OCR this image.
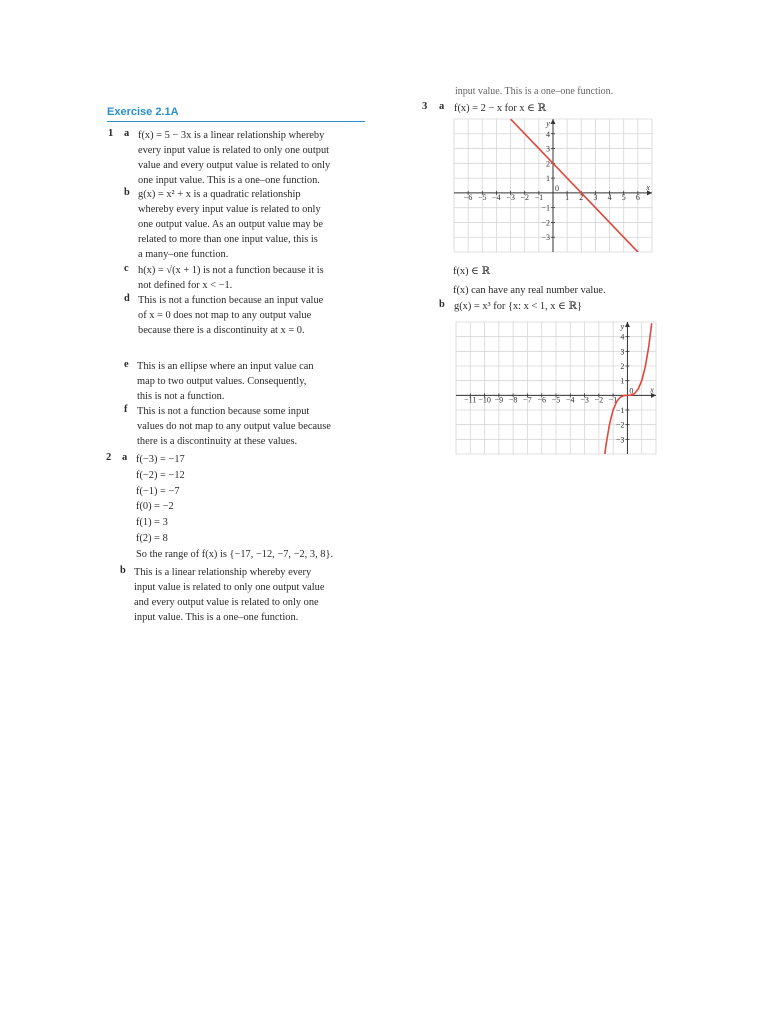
input value. This is a one–one function.
Exercise 2.1A
1 a f(x) = 5 − 3x is a linear relationship whereby
every input value is related to only one output
value and every output value is related to only
one input value. This is a one–one function.
b g(x) = x² + x is a quadratic relationship
whereby every input value is related to only
one output value. As an output value may be
related to more than one input value, this is
a many–one function.
c h(x) = √(x + 1) is not a function because it is
not defined for x < −1.
d This is not a function because an input value
of x = 0 does not map to any output value
because there is a discontinuity at x = 0.
e This is an ellipse where an input value can
map to two output values. Consequently,
this is not a function.
f This is not a function because some input
values do not map to any output value because
there is a discontinuity at these values.
2 a f(−3) = −17
f(−2) = −12
f(−1) = −7
f(0) = −2
f(1) = 3
f(2) = 8
So the range of f(x) is {−17, −12, −7, −2, 3, 8}.
b This is a linear relationship whereby every
input value is related to only one output value
and every output value is related to only one
input value. This is a one–one function.
3 a f(x) = 2 − x for x ∈ ℝ
−6 −5 −4 −3 −2 −1	1 2 3 4 5 6
−3
−2
−1
1
2
3
4
0	x
y
f(x) ∈ ℝ
f(x) can have any real number value.
b g(x) = x³ for {x: x < 1, x ∈ ℝ}
−11 −10 −9 −8 −7 −6 −5 −4 −3 −2 −1
−3
−2
−1
1
2
3
4
0 x
y
